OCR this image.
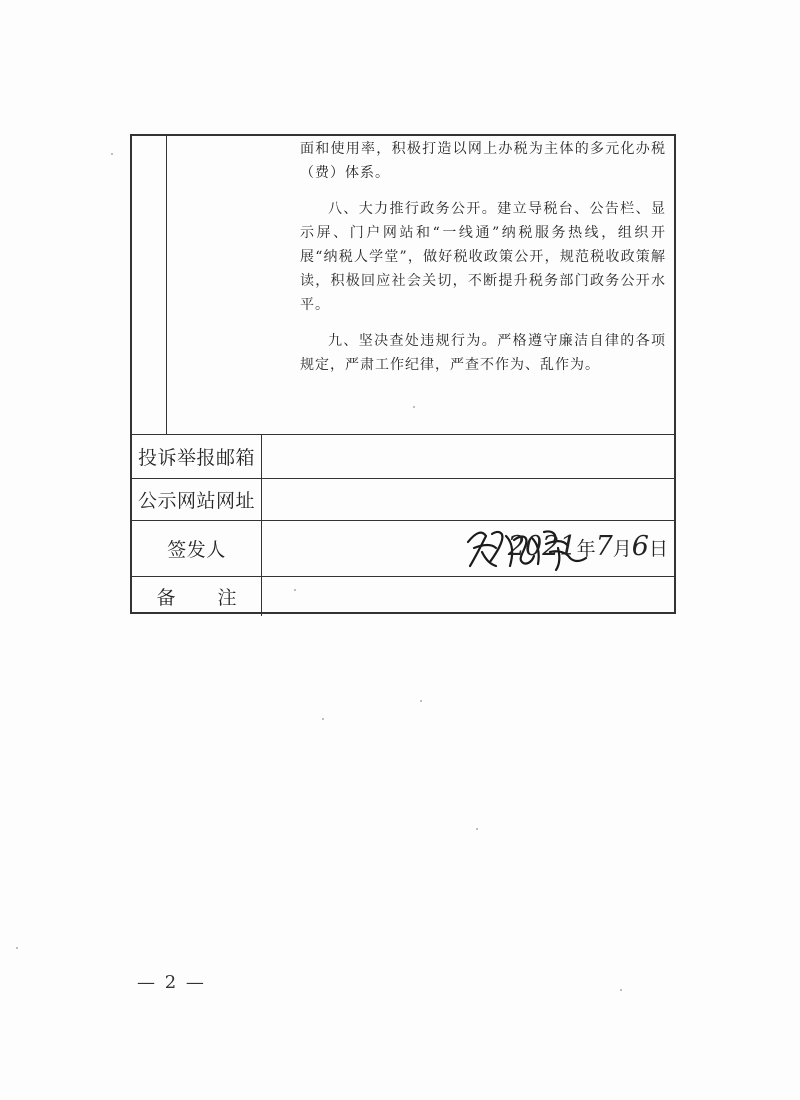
面和使用率，积极打造以网上办税为主体的多元化办税（费）体系。

八、大力推行政务公开。建立导税台、公告栏、显示屏、门户网站和“一线通”纳税服务热线，组织开展“纳税人学堂”，做好税收政策公开，规范税收政策解读，积极回应社会关切，不断提升税务部门政务公开水平。

九、坚决查处违规行为。严格遵守廉洁自律的各项规定，严肃工作纪律，严查不作为、乱作为。

投诉举报邮箱
公示网站网址
签发人	2021年7月6日
备 注
— 2 —
